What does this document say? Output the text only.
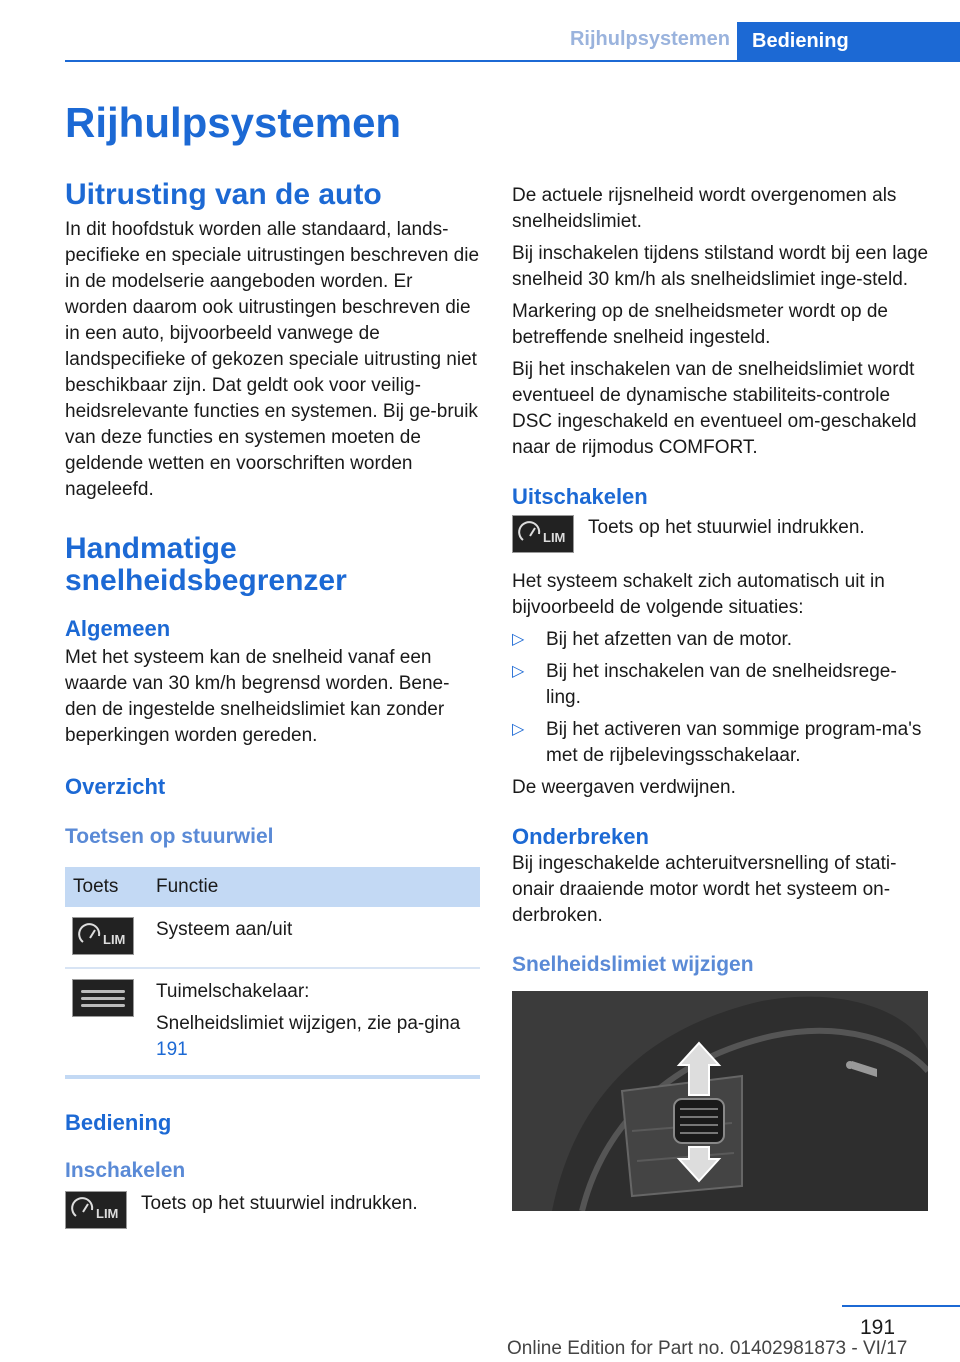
Rijhulpsystemen	Bediening
Rijhulpsystemen
Uitrusting van de auto

In dit hoofdstuk worden alle standaard, lands-pecifieke en speciale uitrustingen beschreven die in de modelserie aangeboden worden. Er worden daarom ook uitrustingen beschreven die in een auto, bijvoorbeeld vanwege de landspecifieke of gekozen speciale uitrusting niet beschikbaar zijn. Dat geldt ook voor veilig-heidsrelevante functies en systemen. Bij ge-bruik van deze functies en systemen moeten de geldende wetten en voorschriften worden nageleefd.

Handmatige snelheidsbegrenzer
Algemeen

Met het systeem kan de snelheid vanaf een waarde van 30 km/h begrensd worden. Bene-den de ingestelde snelheidslimiet kan zonder beperkingen worden gereden.

Overzicht
Toetsen op stuurwiel
Toets	Functie

LIM	Systeem aan/uit

	Tuimelschakelaar:
Snelheidslimiet wijzigen, zie pa-gina 191
Bediening
Inschakelen
LIM Toets op het stuurwiel indrukken.

De actuele rijsnelheid wordt overgenomen als snelheidslimiet.

Bij inschakelen tijdens stilstand wordt bij een lage snelheid 30 km/h als snelheidslimiet inge-steld.

Markering op de snelheidsmeter wordt op de betreffende snelheid ingesteld.

Bij het inschakelen van de snelheidslimiet wordt eventueel de dynamische stabiliteits-controle DSC ingeschakeld en eventueel om-geschakeld naar de rijmodus COMFORT.

Uitschakelen
LIM Toets op het stuurwiel indrukken.

Het systeem schakelt zich automatisch uit in bijvoorbeeld de volgende situaties:

▷ Bij het afzetten van de motor.
▷ Bij het inschakelen van de snelheidsrege-ling.
▷ Bij het activeren van sommige program-ma's met de rijbelevingsschakelaar.

De weergaven verdwijnen.

Onderbreken

Bij ingeschakelde achteruitversnelling of stati-onair draaiende motor wordt het systeem on-derbroken.

Snelheidslimiet wijzigen
191
Online Edition for Part no. 01402981873 - VI/17
